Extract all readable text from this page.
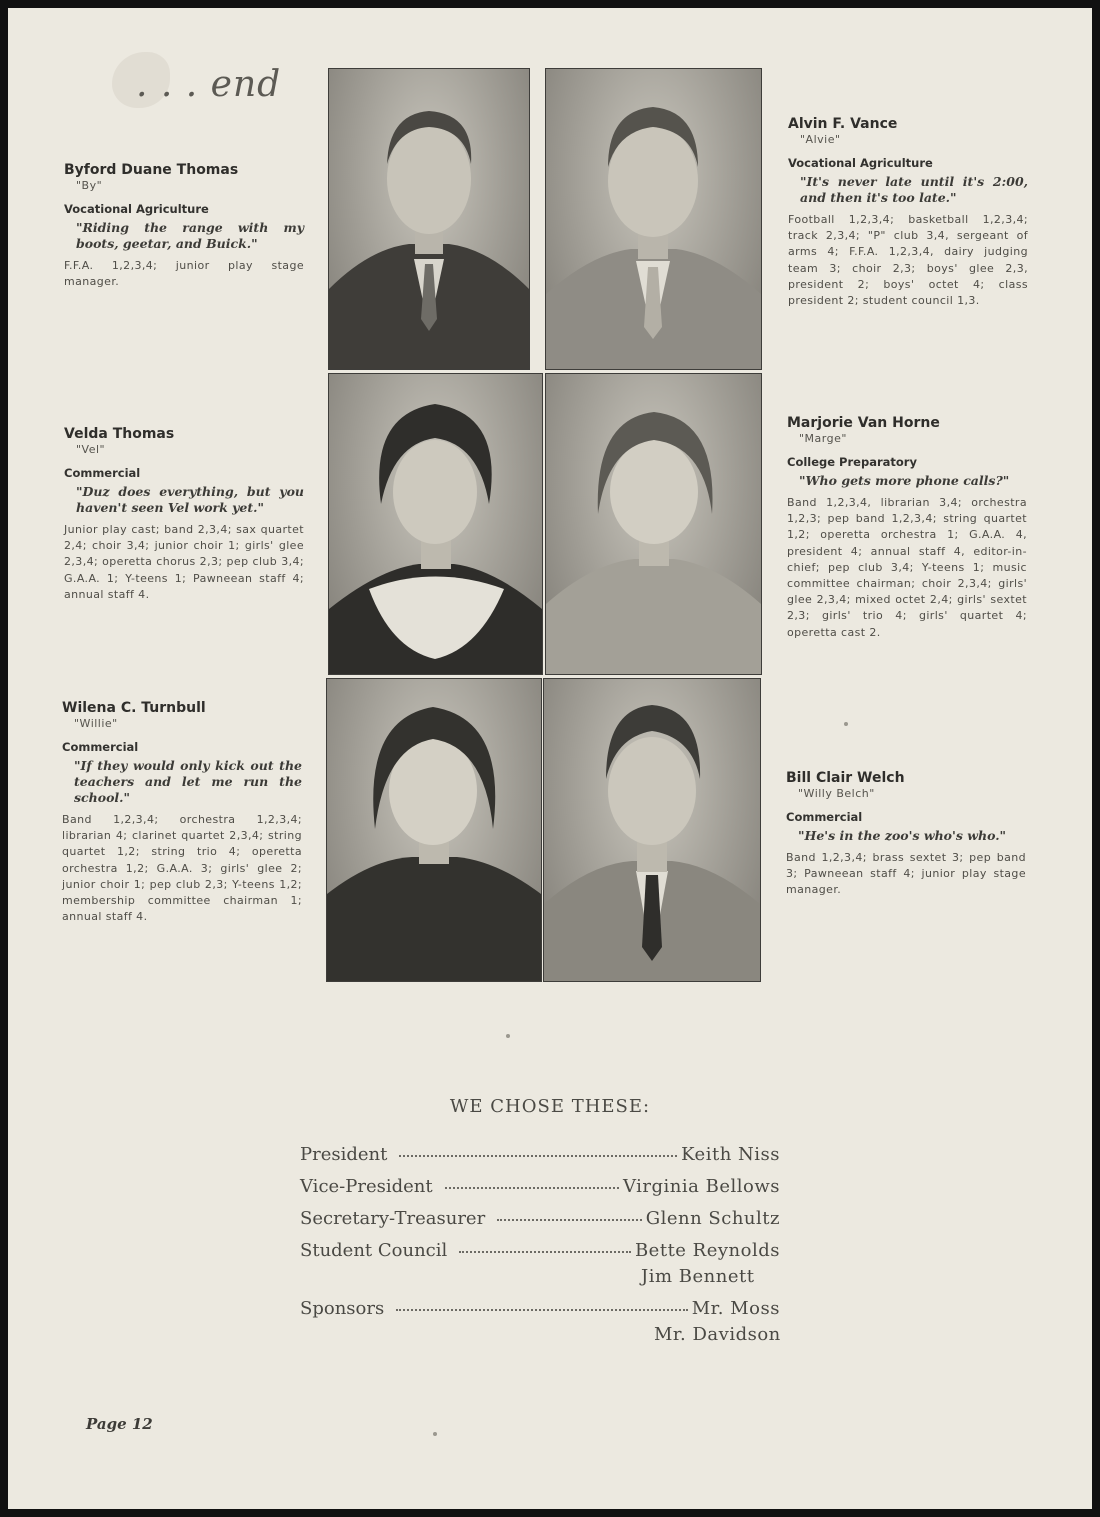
. . . end

Byford Duane Thomas

"By"

Vocational Agriculture

"Riding the range with my boots, geetar, and Buick."

F.F.A. 1,2,3,4; junior play stage manager.

Velda Thomas

"Vel"

Commercial

"Duz does everything, but you haven't seen Vel work yet."

Junior play cast; band 2,3,4; sax quartet 2,4; choir 3,4; junior choir 1; girls' glee 2,3,4; operetta chorus 2,3; pep club 3,4; G.A.A. 1; Y-teens 1; Pawneean staff 4; annual staff 4.

Wilena C. Turnbull

"Willie"

Commercial

"If they would only kick out the teachers and let me run the school."

Band 1,2,3,4; orchestra 1,2,3,4; librarian 4; clarinet quartet 2,3,4; string quartet 1,2; string trio 4; operetta orchestra 1,2; G.A.A. 3; girls' glee 2; junior choir 1; pep club 2,3; Y-teens 1,2; membership committee chairman 1; annual staff 4.

Alvin F. Vance

"Alvie"

Vocational Agriculture

"It's never late until it's 2:00, and then it's too late."

Football 1,2,3,4; basketball 1,2,3,4; track 2,3,4; "P" club 3,4, sergeant of arms 4; F.F.A. 1,2,3,4, dairy judging team 3; choir 2,3; boys' glee 2,3, president 2; boys' octet 4; class president 2; student council 1,3.

Marjorie Van Horne

"Marge"

College Preparatory

"Who gets more phone calls?"

Band 1,2,3,4, librarian 3,4; orchestra 1,2,3; pep band 1,2,3,4; string quartet 1,2; operetta orchestra 1; G.A.A. 4, president 4; annual staff 4, editor-in-chief; pep club 3,4; Y-teens 1; music committee chairman; choir 2,3,4; girls' glee 2,3,4; mixed octet 2,4; girls' sextet 2,3; girls' trio 4; girls' quartet 4; operetta cast 2.

Bill Clair Welch

"Willy Belch"

Commercial

"He's in the zoo's who's who."

Band 1,2,3,4; brass sextet 3; pep band 3; Pawneean staff 4; junior play stage manager.

WE CHOSE THESE:
President	Keith Niss
Vice-President	Virginia Bellows
Secretary-Treasurer	Glenn Schultz
Student Council	Bette Reynolds
Jim Bennett
Sponsors	Mr. Moss
Mr. Davidson
Page 12
